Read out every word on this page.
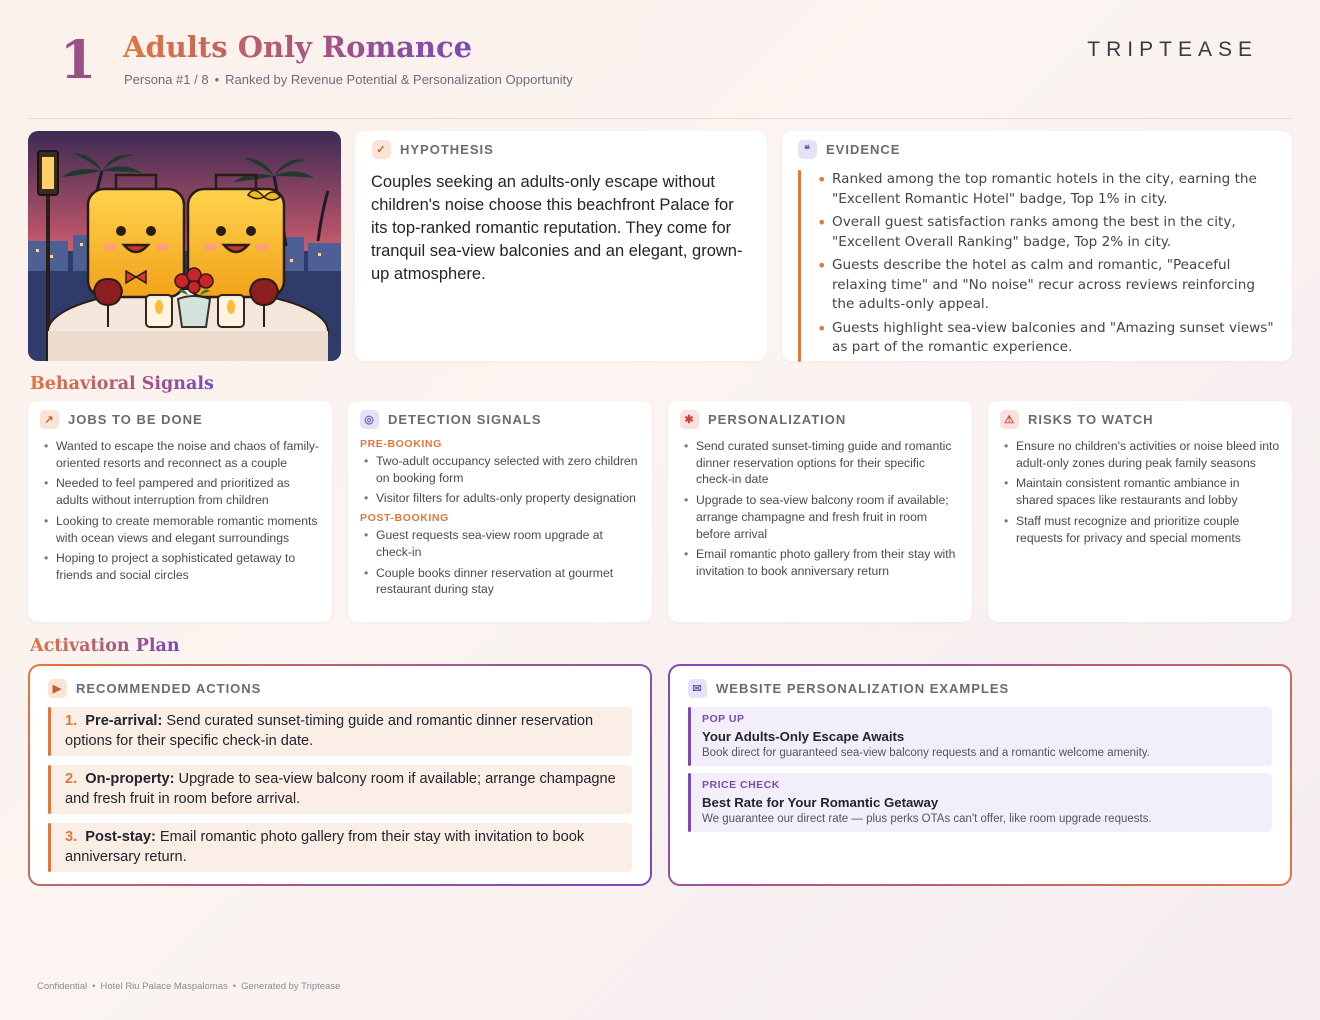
1 Adults Only Romance
Persona #1 / 8 • Ranked by Revenue Potential & Personalization Opportunity
TRIPTEASE
✓	HYPOTHESIS
Couples seeking an adults-only escape without children's noise choose this beachfront Palace for its top-ranked romantic reputation. They come for tranquil sea-view balconies and an elegant, grown-up atmosphere.
❝	EVIDENCE
• Ranked among the top romantic hotels in the city, earning the "Excellent Romantic Hotel" badge, Top 1% in city.
• Overall guest satisfaction ranks among the best in the city, "Excellent Overall Ranking" badge, Top 2% in city.
• Guests describe the hotel as calm and romantic, "Peaceful relaxing time" and "No noise" recur across reviews reinforcing the adults-only appeal.
• Guests highlight sea-view balconies and "Amazing sunset views" as part of the romantic experience.
Behavioral Signals
↗	JOBS TO BE DONE
• Wanted to escape the noise and chaos of family-oriented resorts and reconnect as a couple
• Needed to feel pampered and prioritized as adults without interruption from children
• Looking to create memorable romantic moments with ocean views and elegant surroundings
• Hoping to project a sophisticated getaway to friends and social circles
◎	DETECTION SIGNALS
PRE-BOOKING
• Two-adult occupancy selected with zero children on booking form
• Visitor filters for adults-only property designation
POST-BOOKING
• Guest requests sea-view room upgrade at check-in
• Couple books dinner reservation at gourmet restaurant during stay
✱	PERSONALIZATION
• Send curated sunset-timing guide and romantic dinner reservation options for their specific check-in date
• Upgrade to sea-view balcony room if available; arrange champagne and fresh fruit in room before arrival
• Email romantic photo gallery from their stay with invitation to book anniversary return
⚠	RISKS TO WATCH
• Ensure no children's activities or noise bleed into adult-only zones during peak family seasons
• Maintain consistent romantic ambiance in shared spaces like restaurants and lobby
• Staff must recognize and prioritize couple requests for privacy and special moments
Activation Plan
▶	RECOMMENDED ACTIONS
1. Pre-arrival: Send curated sunset-timing guide and romantic dinner reservation options for their specific check-in date.
2. On-property: Upgrade to sea-view balcony room if available; arrange champagne and fresh fruit in room before arrival.
3. Post-stay: Email romantic photo gallery from their stay with invitation to book anniversary return.
✉	WEBSITE PERSONALIZATION EXAMPLES
POP UP
Your Adults-Only Escape Awaits
Book direct for guaranteed sea-view balcony requests and a romantic welcome amenity.
PRICE CHECK
Best Rate for Your Romantic Getaway
We guarantee our direct rate — plus perks OTAs can't offer, like room upgrade requests.
Confidential • Hotel Riu Palace Maspalomas • Generated by Triptease
